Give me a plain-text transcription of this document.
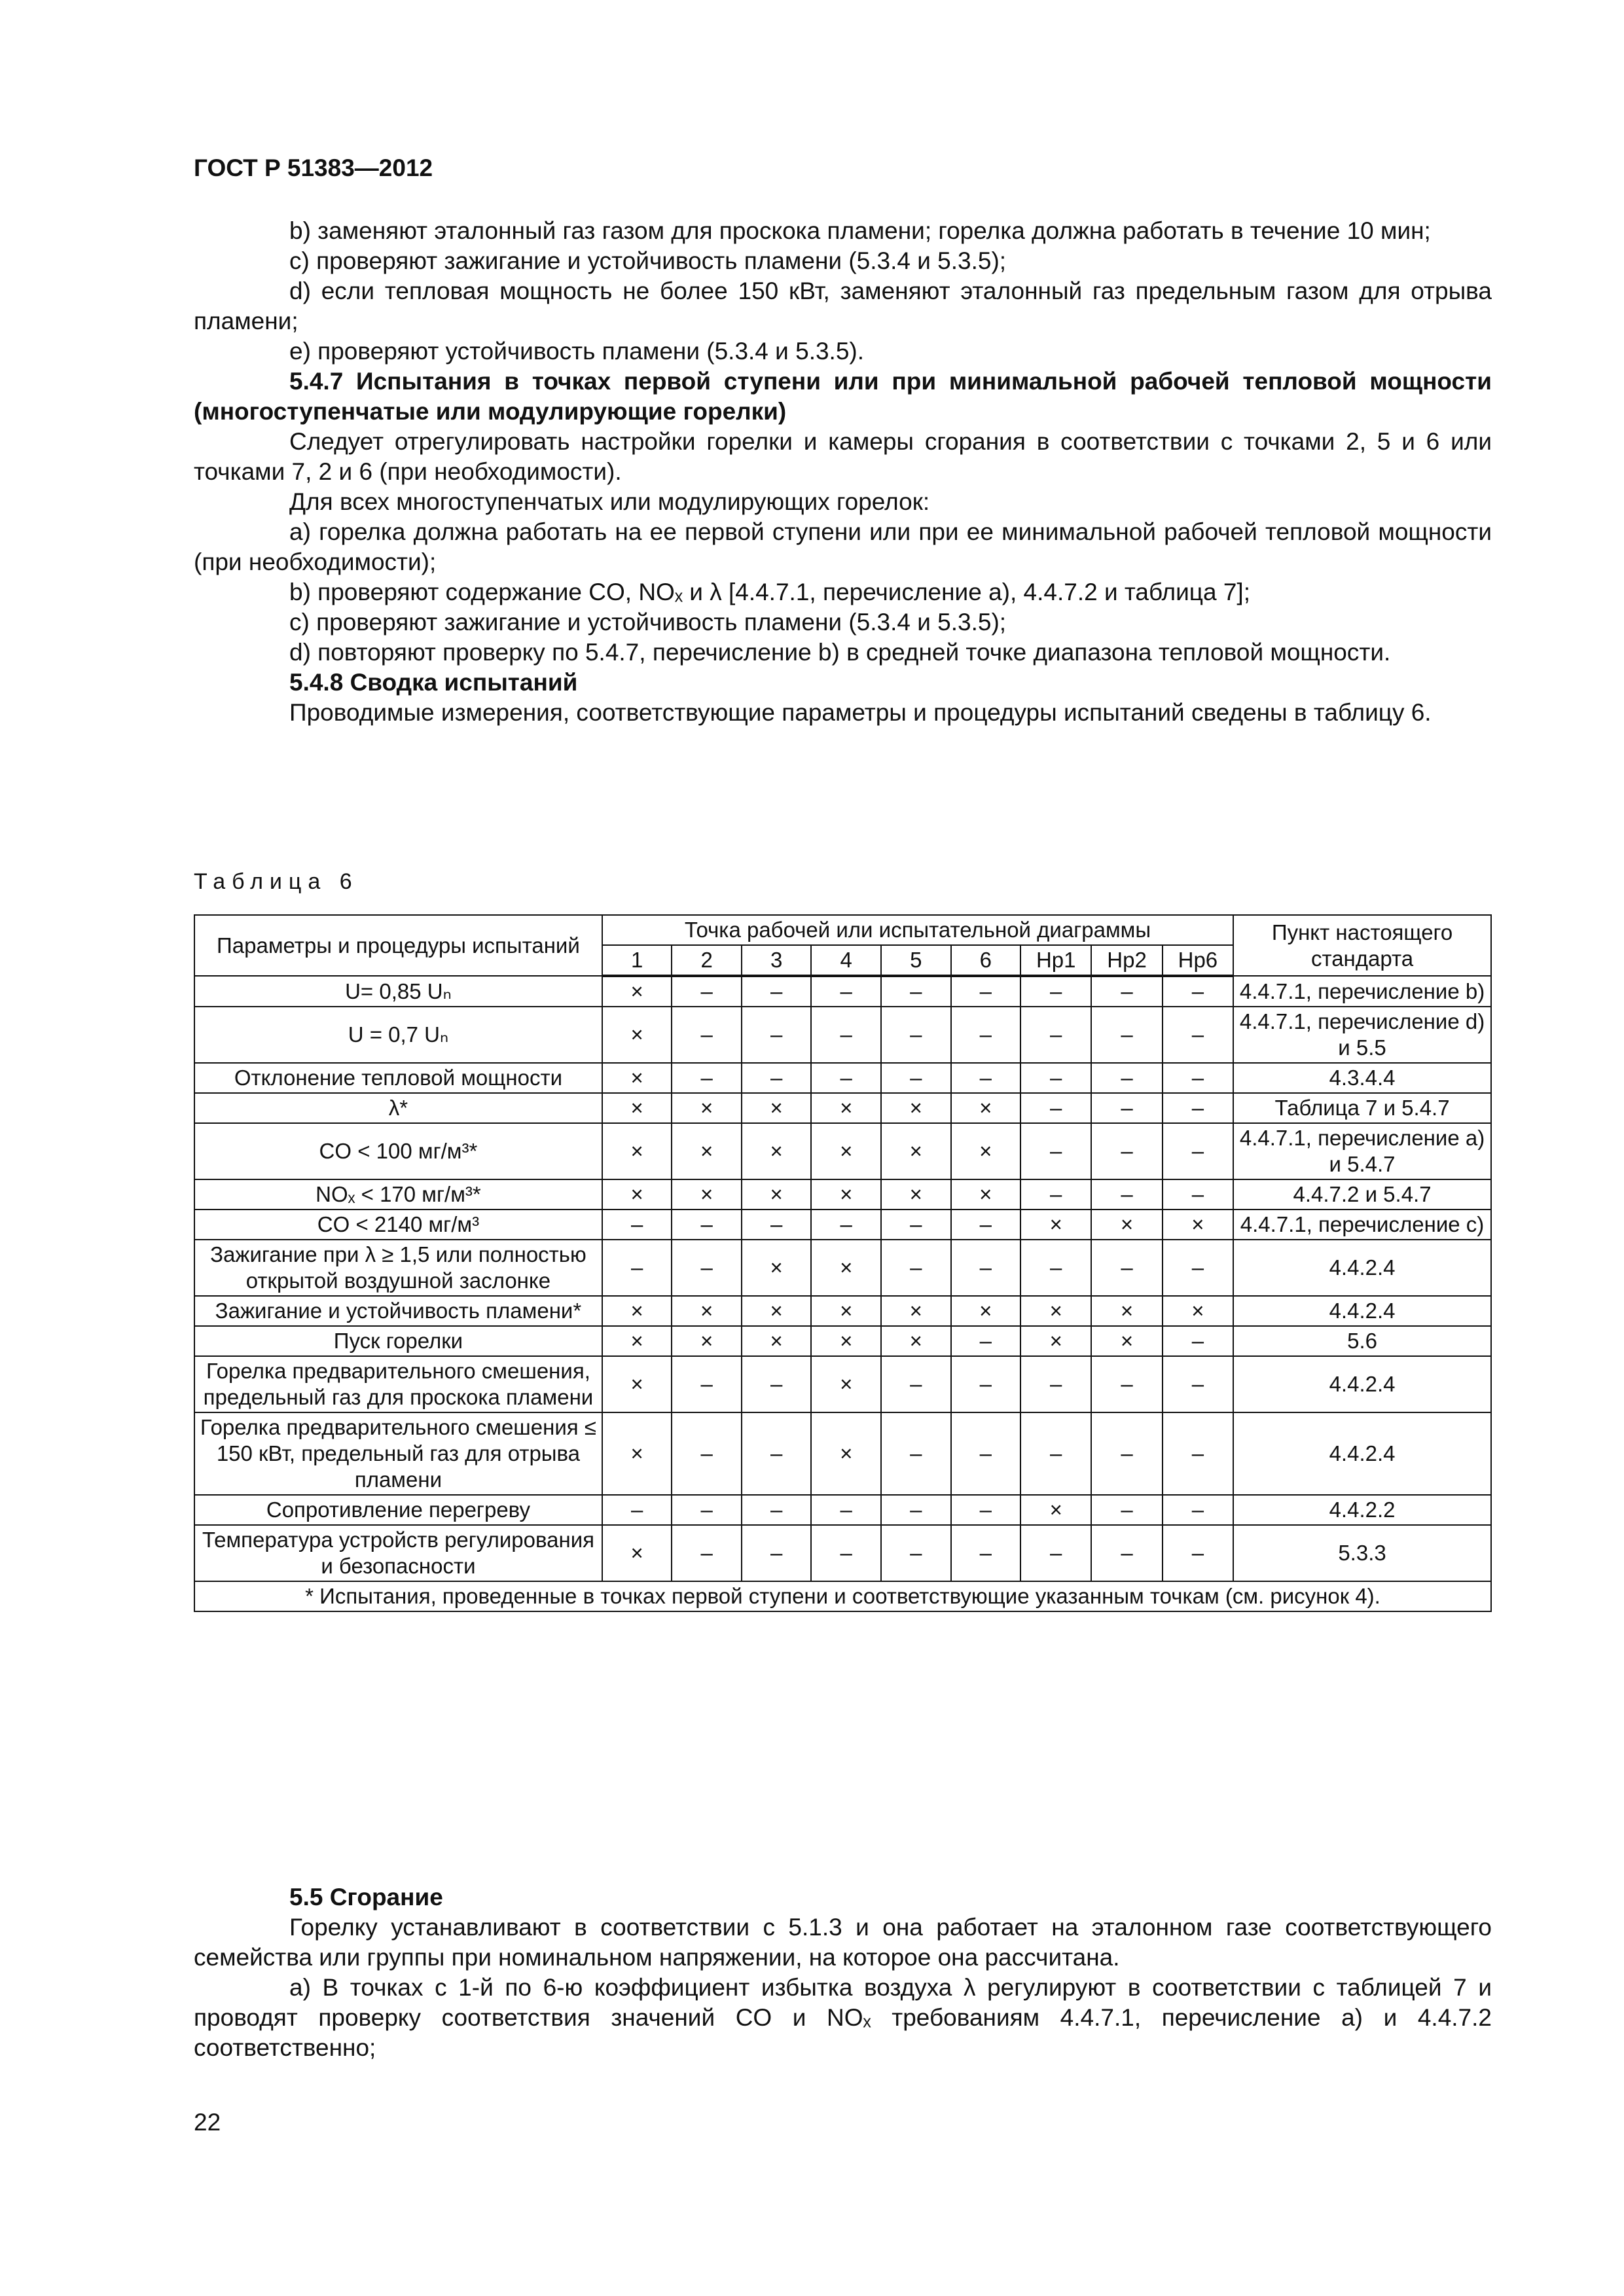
ГОСТ Р 51383—2012

b) заменяют эталонный газ газом для проскока пламени; горелка должна работать в течение 10 мин;

c) проверяют зажигание и устойчивость пламени (5.3.4 и 5.3.5);

d) если тепловая мощность не более 150 кВт, заменяют эталонный газ предельным газом для отрыва пламени;

e) проверяют устойчивость пламени (5.3.4 и 5.3.5).

5.4.7 Испытания в точках первой ступени или при минимальной рабочей тепловой мощности (многоступенчатые или модулирующие горелки)

Следует отрегулировать настройки горелки и камеры сгорания в соответствии с точками 2, 5 и 6 или точками 7, 2 и 6 (при необходимости).

Для всех многоступенчатых или модулирующих горелок:

a) горелка должна работать на ее первой ступени или при ее минимальной рабочей тепловой мощности (при необходимости);

b) проверяют содержание CO, NOₓ и λ [4.4.7.1, перечисление а), 4.4.7.2 и таблица 7];

c) проверяют зажигание и устойчивость пламени (5.3.4 и 5.3.5);

d) повторяют проверку по 5.4.7, перечисление b) в средней точке диапазона тепловой мощности.

5.4.8 Сводка испытаний

Проводимые измерения, соответствующие параметры и процедуры испытаний сведены в таблицу 6.

Таблица 6
Параметры и процедуры испытаний	Точка рабочей или испытательной диаграммы									Пункт настоящего стандарта
	1	2	3	4	5	6	Hp1	Hp2	Hp6	
U= 0,85 Uₙ	×	–	–	–	–	–	–	–	–	4.4.7.1, перечисление b)
U = 0,7 Uₙ	×	–	–	–	–	–	–	–	–	4.4.7.1, перечисление d) и 5.5
Отклонение тепловой мощности	×	–	–	–	–	–	–	–	–	4.3.4.4
λ*	×	×	×	×	×	×	–	–	–	Таблица 7 и 5.4.7
CO < 100 мг/м³*	×	×	×	×	×	×	–	–	–	4.4.7.1, перечисление а) и 5.4.7
NOₓ < 170 мг/м³*	×	×	×	×	×	×	–	–	–	4.4.7.2 и 5.4.7
CO < 2140 мг/м³	–	–	–	–	–	–	×	×	×	4.4.7.1, перечисление c)
Зажигание при λ ≥ 1,5 или полностью открытой воздушной заслонке	–	–	×	×	–	–	–	–	–	4.4.2.4
Зажигание и устойчивость пламени*	×	×	×	×	×	×	×	×	×	4.4.2.4
Пуск горелки	×	×	×	×	×	–	×	×	–	5.6
Горелка предварительного смешения, предельный газ для проскока пламени	×	–	–	×	–	–	–	–	–	4.4.2.4
Горелка предварительного смешения ≤ 150 кВт, предельный газ для отрыва пламени	×	–	–	×	–	–	–	–	–	4.4.2.4
Сопротивление перегреву	–	–	–	–	–	–	×	–	–	4.4.2.2
Температура устройств регулирования и безопасности	×	–	–	–	–	–	–	–	–	5.3.3
* Испытания, проведенные в точках первой ступени и соответствующие указанным точкам (см. рисунок 4).										

5.5 Сгорание

Горелку устанавливают в соответствии с 5.1.3 и она работает на эталонном газе соответствующего семейства или группы при номинальном напряжении, на которое она рассчитана.

а) В точках с 1-й по 6-ю коэффициент избытка воздуха λ регулируют в соответствии с таблицей 7 и проводят проверку соответствия значений CO и NOₓ требованиям 4.4.7.1, перечисление а) и 4.4.7.2 соответственно;

22
